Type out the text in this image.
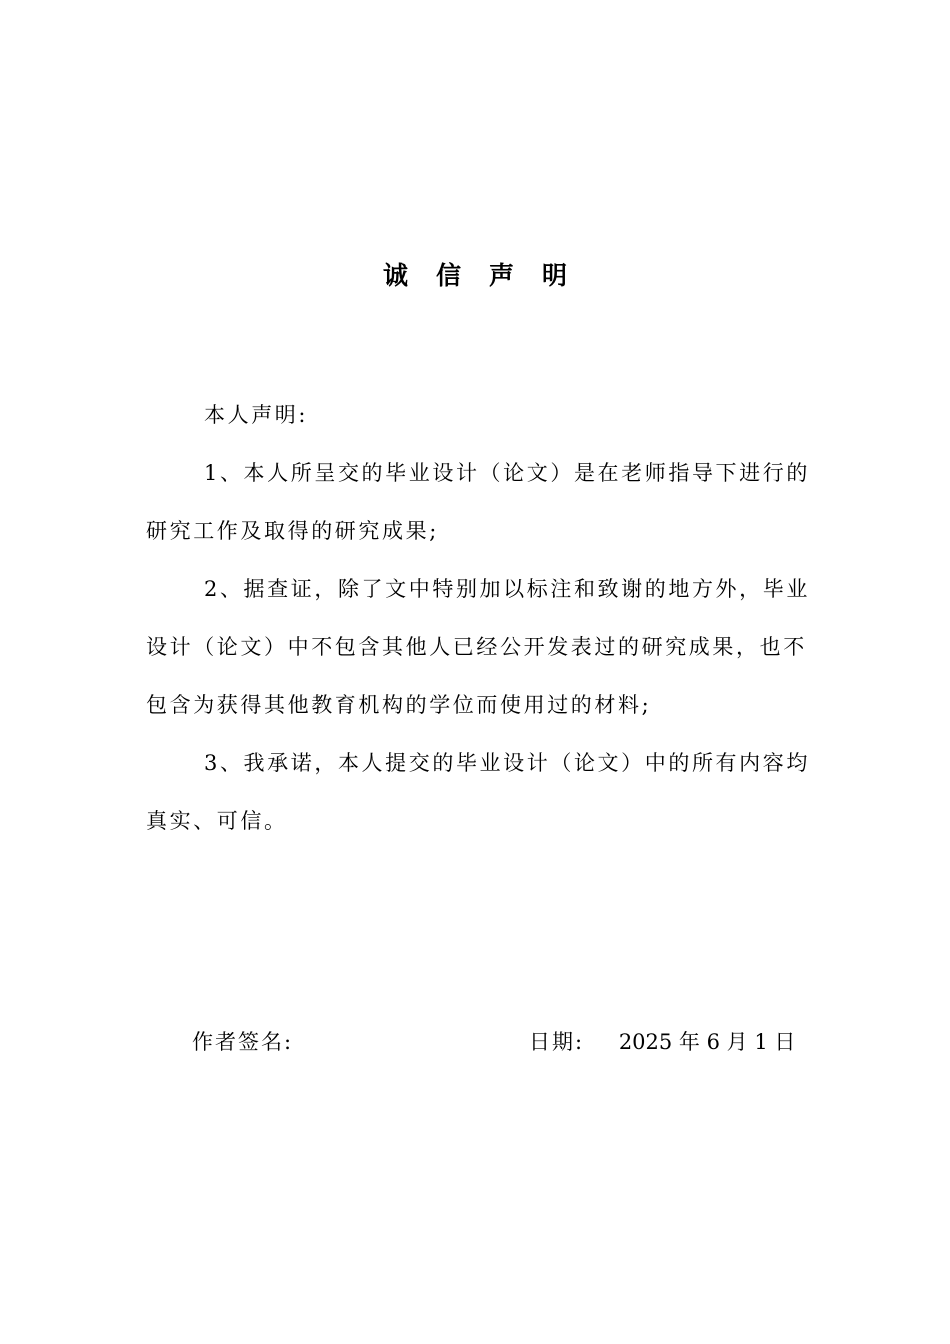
诚信声明

本人声明:

1、本人所呈交的毕业设计（论文）是在老师指导下进行的研究工作及取得的研究成果;

2、据查证，除了文中特别加以标注和致谢的地方外，毕业设计（论文）中不包含其他人已经公开发表过的研究成果，也不包含为获得其他教育机构的学位而使用过的材料;

3、我承诺，本人提交的毕业设计（论文）中的所有内容均真实、可信。

作者签名:	日期: 2025 年 6 月 1 日
